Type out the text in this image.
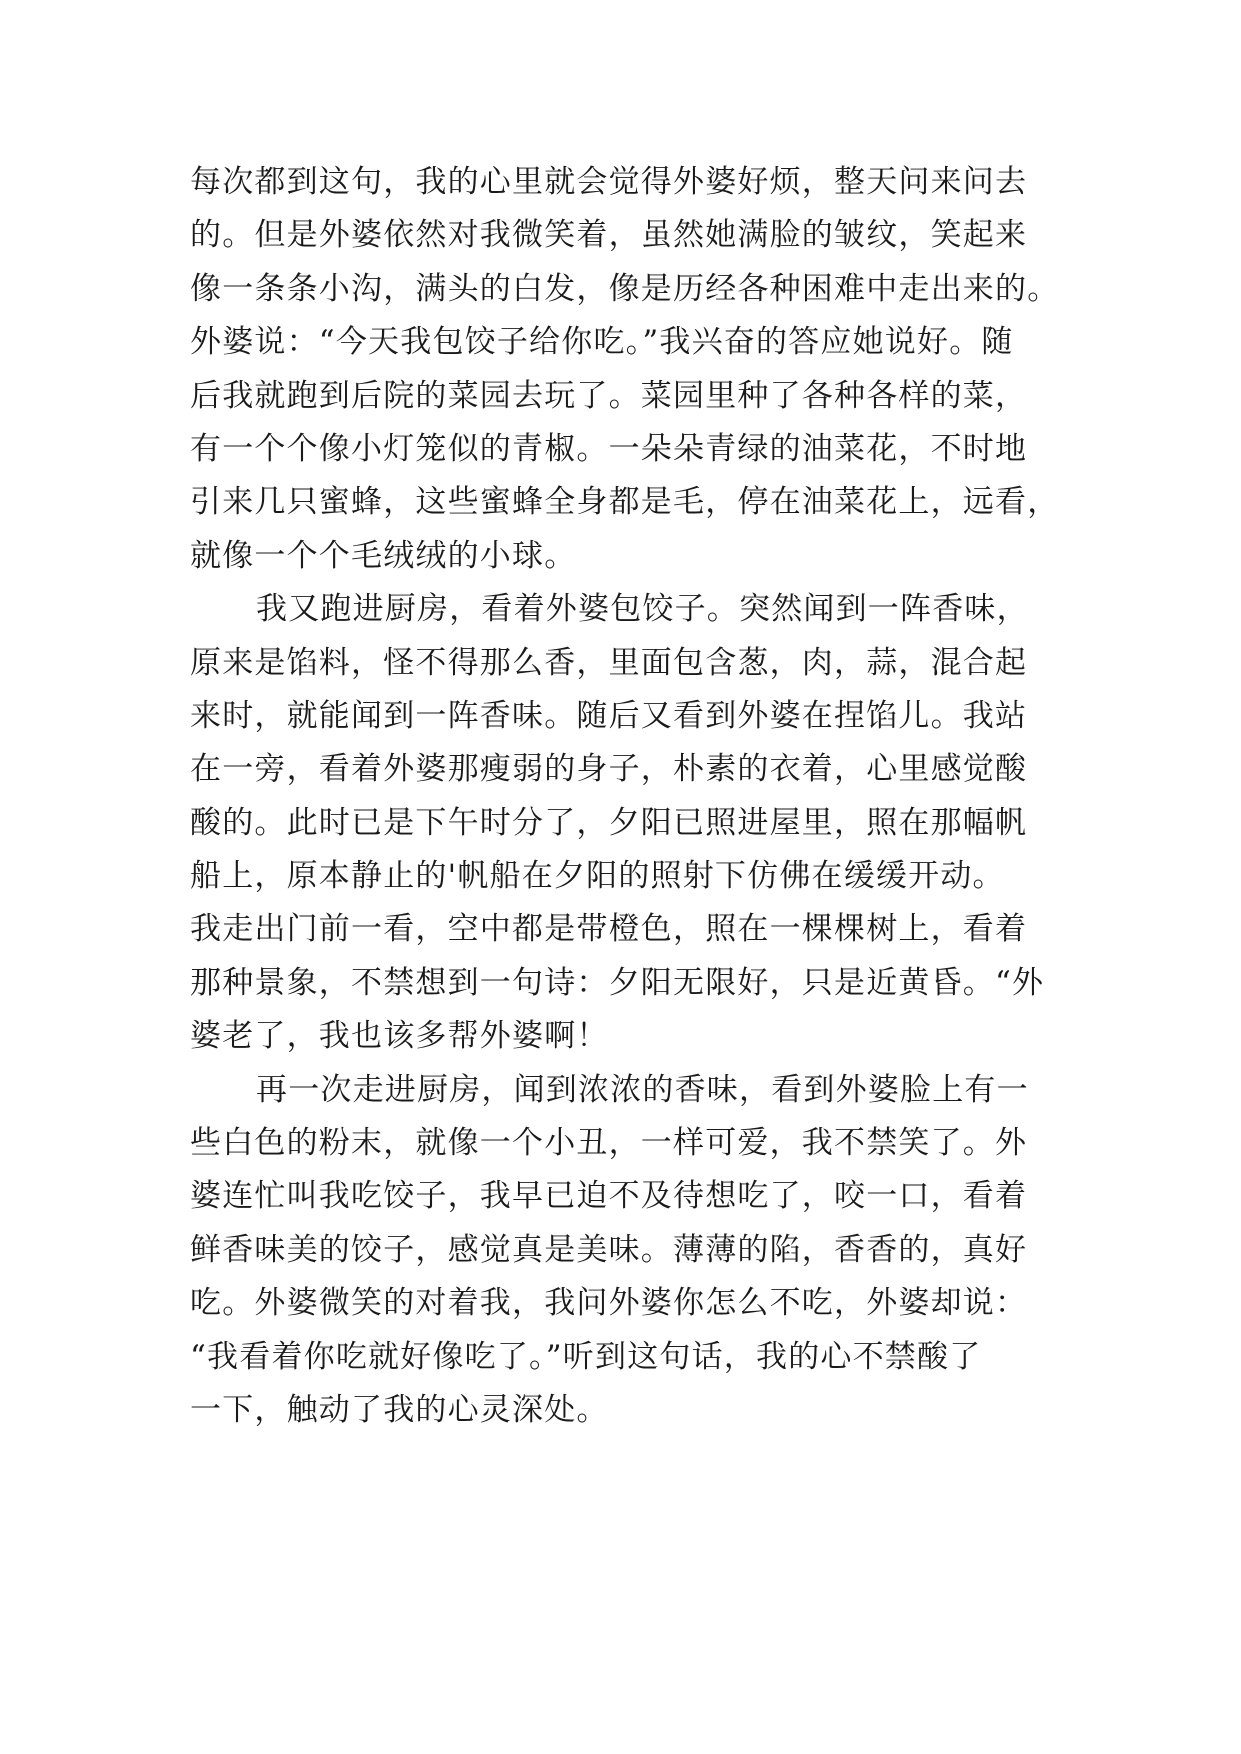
每次都到这句，我的心里就会觉得外婆好烦，整天问来问去
的。但是外婆依然对我微笑着，虽然她满脸的皱纹，笑起来
像一条条小沟，满头的白发，像是历经各种困难中走出来的。
外婆说：“今天我包饺子给你吃。”我兴奋的答应她说好。随
后我就跑到后院的菜园去玩了。菜园里种了各种各样的菜，
有一个个像小灯笼似的青椒。一朵朵青绿的油菜花，不时地
引来几只蜜蜂，这些蜜蜂全身都是毛，停在油菜花上，远看，
就像一个个毛绒绒的小球。
我又跑进厨房，看着外婆包饺子。突然闻到一阵香味，
原来是馅料，怪不得那么香，里面包含葱，肉，蒜，混合起
来时，就能闻到一阵香味。随后又看到外婆在捏馅儿。我站
在一旁，看着外婆那瘦弱的身子，朴素的衣着，心里感觉酸
酸的。此时已是下午时分了，夕阳已照进屋里，照在那幅帆
船上，原本静止的'帆船在夕阳的照射下仿佛在缓缓开动。
我走出门前一看，空中都是带橙色，照在一棵棵树上，看着
那种景象，不禁想到一句诗：夕阳无限好，只是近黄昏。“外
婆老了，我也该多帮外婆啊！
再一次走进厨房，闻到浓浓的香味，看到外婆脸上有一
些白色的粉末，就像一个小丑，一样可爱，我不禁笑了。外
婆连忙叫我吃饺子，我早已迫不及待想吃了，咬一口，看着
鲜香味美的饺子，感觉真是美味。薄薄的陷，香香的，真好
吃。外婆微笑的对着我，我问外婆你怎么不吃，外婆却说：
“我看着你吃就好像吃了。”听到这句话，我的心不禁酸了
一下，触动了我的心灵深处。
